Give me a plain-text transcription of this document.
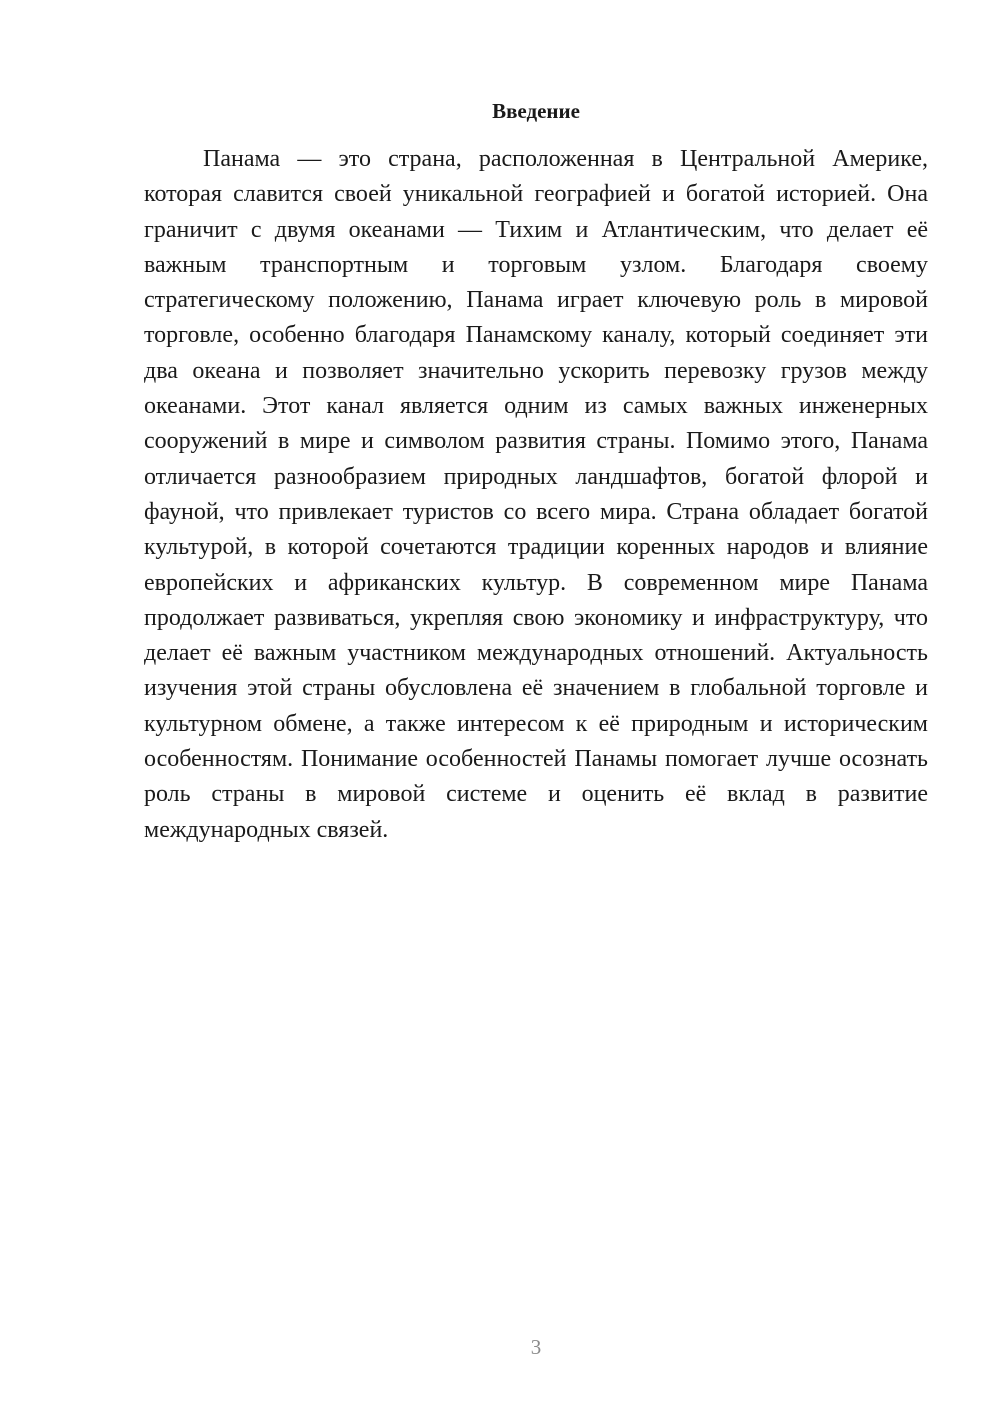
Введение

Панама — это страна, расположенная в Центральной Америке, которая славится своей уникальной географией и богатой историей. Она граничит с двумя океанами — Тихим и Атлантическим, что делает её важным транспортным и торговым узлом. Благодаря своему стратегическому положению, Панама играет ключевую роль в мировой торговле, особенно благодаря Панамскому каналу, который соединяет эти два океана и позволяет значительно ускорить перевозку грузов между океанами. Этот канал является одним из самых важных инженерных сооружений в мире и символом развития страны. Помимо этого, Панама отличается разнообразием природных ландшафтов, богатой флорой и фауной, что привлекает туристов со всего мира. Страна обладает богатой культурой, в которой сочетаются традиции коренных народов и влияние европейских и африканских культур. В современном мире Панама продолжает развиваться, укрепляя свою экономику и инфраструктуру, что делает её важным участником международных отношений. Актуальность изучения этой страны обусловлена её значением в глобальной торговле и культурном обмене, а также интересом к её природным и историческим особенностям. Понимание особенностей Панамы помогает лучше осознать роль страны в мировой системе и оценить её вклад в развитие международных связей.

3
